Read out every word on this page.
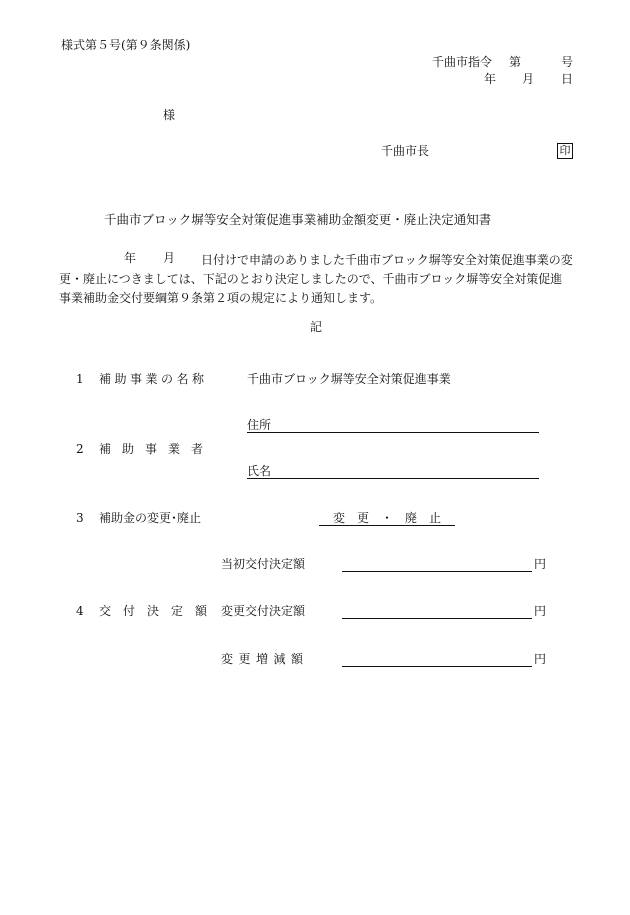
様式第５号(第９条関係)
千曲市指令 第	号
年 月 日
様
千曲市長	印
千曲市ブロック塀等安全対策促進事業補助金額変更・廃止決定通知書
年 月	日付けで申請のありました千曲市ブロック塀等安全対策促進事業の変更・廃止につきましては、下記のとおり決定しましたので、千曲市ブロック塀等安全対策促進事業補助金交付要綱第９条第２項の規定により通知します。
記
1 補助事業の名称	千曲市ブロック塀等安全対策促進事業
住所
2 補助事業者
氏名
3 補助金の変更･廃止	変　更　・　廃　止
当初交付決定額	円
4 交付決定額 変更交付決定額	円
変更増減額	円
